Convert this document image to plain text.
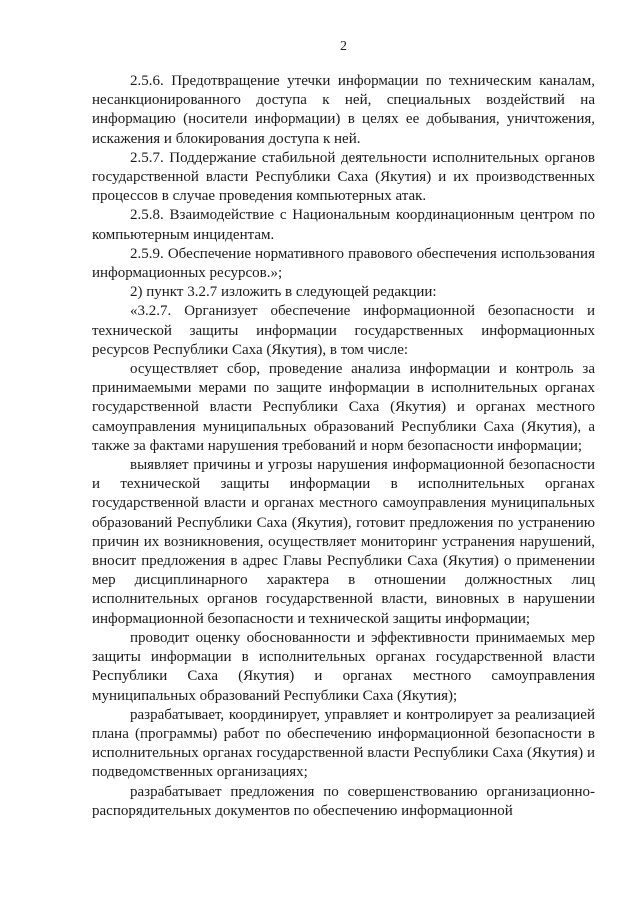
2

2.5.6. Предотвращение утечки информации по техническим каналам, несанкционированного доступа к ней, специальных воздействий на информацию (носители информации) в целях ее добывания, уничтожения, искажения и блокирования доступа к ней.

2.5.7. Поддержание стабильной деятельности исполнительных органов государственной власти Республики Саха (Якутия) и их производственных процессов в случае проведения компьютерных атак.

2.5.8. Взаимодействие с Национальным координационным центром по компьютерным инцидентам.

2.5.9. Обеспечение нормативного правового обеспечения использования информационных ресурсов.»;

2) пункт 3.2.7 изложить в следующей редакции:

«3.2.7. Организует обеспечение информационной безопасности и технической защиты информации государственных информационных ресурсов Республики Саха (Якутия), в том числе:

осуществляет сбор, проведение анализа информации и контроль за принимаемыми мерами по защите информации в исполнительных органах государственной власти Республики Саха (Якутия) и органах местного самоуправления муниципальных образований Республики Саха (Якутия), а также за фактами нарушения требований и норм безопасности информации;

выявляет причины и угрозы нарушения информационной безопасности и технической защиты информации в исполнительных органах государственной власти и органах местного самоуправления муниципальных образований Республики Саха (Якутия), готовит предложения по устранению причин их возникновения, осуществляет мониторинг устранения нарушений, вносит предложения в адрес Главы Республики Саха (Якутия) о применении мер дисциплинарного характера в отношении должностных лиц исполнительных органов государственной власти, виновных в нарушении информационной безопасности и технической защиты информации;

проводит оценку обоснованности и эффективности принимаемых мер защиты информации в исполнительных органах государственной власти Республики Саха (Якутия) и органах местного самоуправления муниципальных образований Республики Саха (Якутия);

разрабатывает, координирует, управляет и контролирует за реализацией плана (программы) работ по обеспечению информационной безопасности в исполнительных органах государственной власти Республики Саха (Якутия) и подведомственных организациях;

разрабатывает предложения по совершенствованию организационно-распорядительных документов по обеспечению информационной
